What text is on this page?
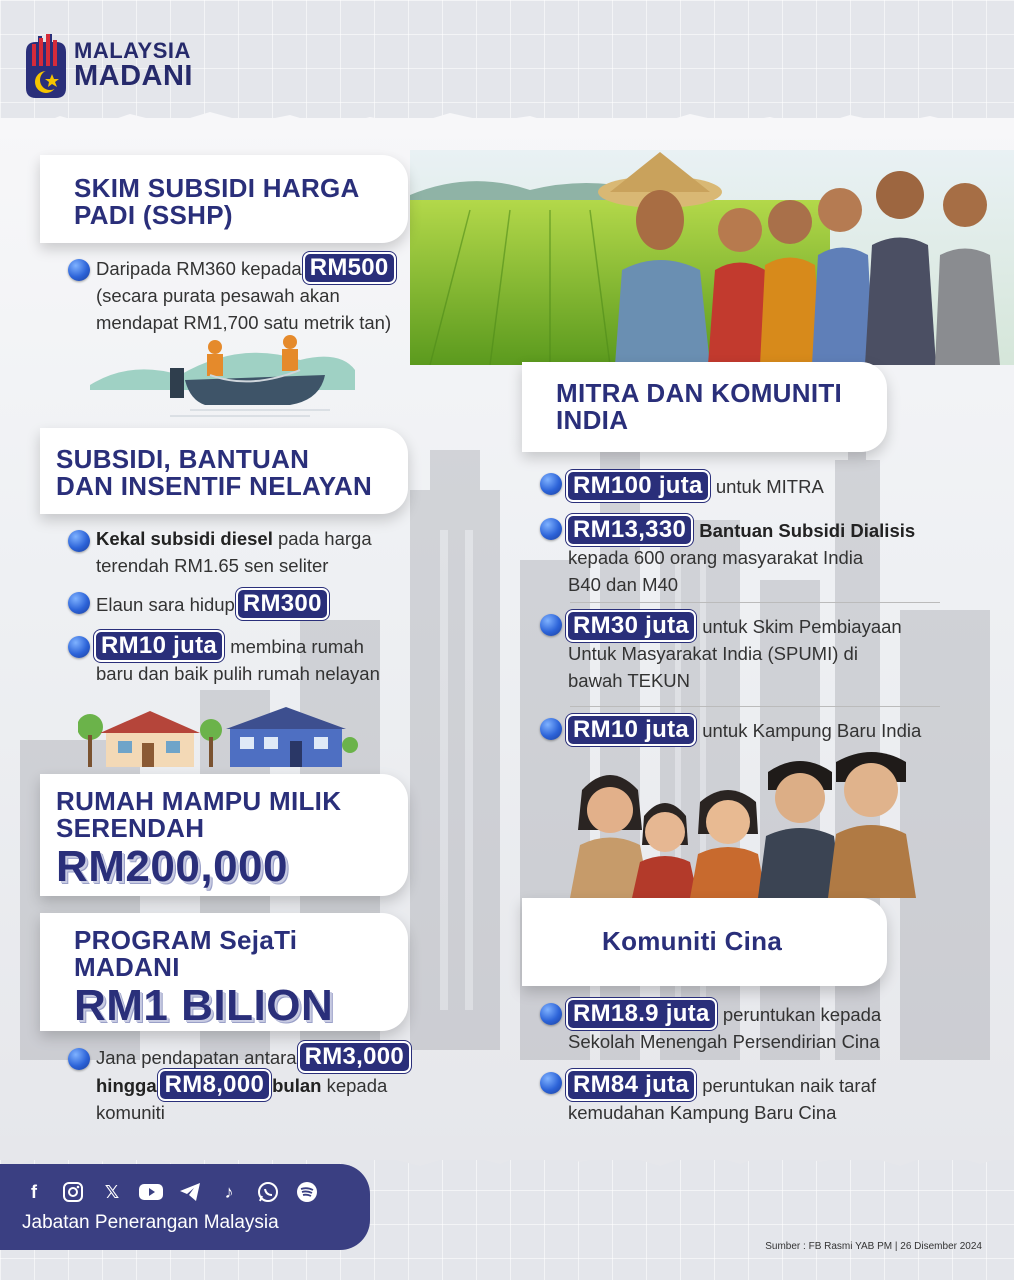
MALAYSIA
MADANI
SKIM SUBSIDI HARGA
PADI (SSHP)
Daripada RM360 kepada RM500
(secara purata pesawah akan
mendapat RM1,700 satu metrik tan)
SUBSIDI, BANTUAN
DAN INSENTIF NELAYAN
Kekal subsidi diesel pada harga
terendah RM1.65 sen seliter
Elaun sara hidup RM300
RM10 juta membina rumah
baru dan baik pulih rumah nelayan
RUMAH MAMPU MILIK
SERENDAH
RM200,000
PROGRAM SejaTi
MADANI
RM1 BILION
Jana pendapatan antara RM3,000
hingga RM8,000 bulan kepada
komuniti
MITRA DAN KOMUNITI
INDIA
RM100 juta untuk MITRA
RM13,330 Bantuan Subsidi Dialisis
kepada 600 orang masyarakat India
B40 dan M40
RM30 juta untuk Skim Pembiayaan
Untuk Masyarakat India (SPUMI) di
bawah TEKUN
RM10 juta untuk Kampung Baru India
Komuniti Cina
RM18.9 juta peruntukan kepada
Sekolah Menengah Persendirian Cina
RM84 juta peruntukan naik taraf
kemudahan Kampung Baru Cina
f	𝕏	♪
Jabatan Penerangan Malaysia
Sumber : FB Rasmi YAB PM | 26 Disember 2024
